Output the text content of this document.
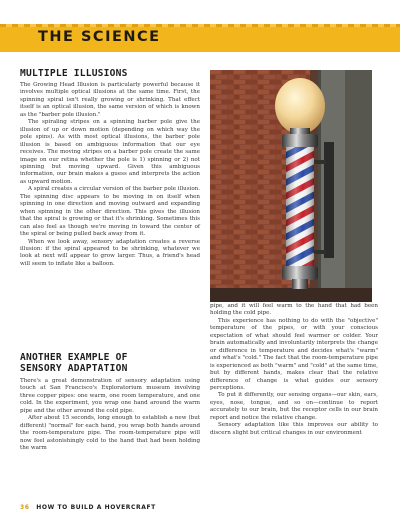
THE SCIENCE
MULTIPLE ILLUSIONS

The Growing Head Illusion is particularly powerful because it involves multiple optical illusions at the same time. First, the spinning spiral isn't really growing or shrinking. That effect itself is an optical illusion, the same version of which is known as the "barber pole illusion."

The spiraling stripes on a spinning barber pole give the illusion of up or down motion (depending on which way the pole spins). As with most optical illusions, the barber pole illusion is based on ambiguous information that our eye receives. The moving stripes on a barber pole create the same image on our retina whether the pole is 1) spinning or 2) not spinning but moving upward. Given this ambiguous information, our brain makes a guess and interprets the action as upward motion.

A spiral creates a circular version of the barber pole illusion. The spinning disc appears to be moving in on itself when spinning in one direction and moving outward and expanding when spinning in the other direction. This gives the illusion that the spiral is growing or that it's shrinking. Sometimes this can also feel as though we're moving in toward the center of the spiral or being pulled back away from it.

When we look away, sensory adaptation creates a reverse illusion: if the spiral appeared to be shrinking, whatever we look at next will appear to grow larger. Thus, a friend's head will seem to inflate like a balloon.

ANOTHER EXAMPLE OF
SENSORY ADAPTATION

There's a great demonstration of sensory adaptation using touch at San Francisco's Exploratorium museum involving three copper pipes: one warm, one room temperature, and one cold. In the experiment, you wrap one hand around the warm pipe and the other around the cold pipe.

After about 15 seconds, long enough to establish a new (but different) "normal" for each hand, you wrap both hands around the room-temperature pipe. The room-temperature pipe will now feel astonishingly cold to the hand that had been holding the warm

pipe, and it will feel warm to the hand that had been holding the cold pipe.

This experience has nothing to do with the "objective" temperature of the pipes, or with your conscious expectation of what should feel warmer or colder. Your brain automatically and involuntarily interprets the change or difference in temperature and decides what's "warm" and what's "cold." The fact that the room-temperature pipe is experienced as both "warm" and "cold" at the same time, but by different hands, makes clear that the relative difference of change is what guides our sensory perceptions.

To put it differently, our sensing organs—our skin, ears, eyes, nose, tongue, and so on—continue to report accurately to our brain, but the receptor cells in our brain report and notice the relative change.

Sensory adaptation like this improves our ability to discern slight but critical changes in our environment

36 HOW TO BUILD A HOVERCRAFT
